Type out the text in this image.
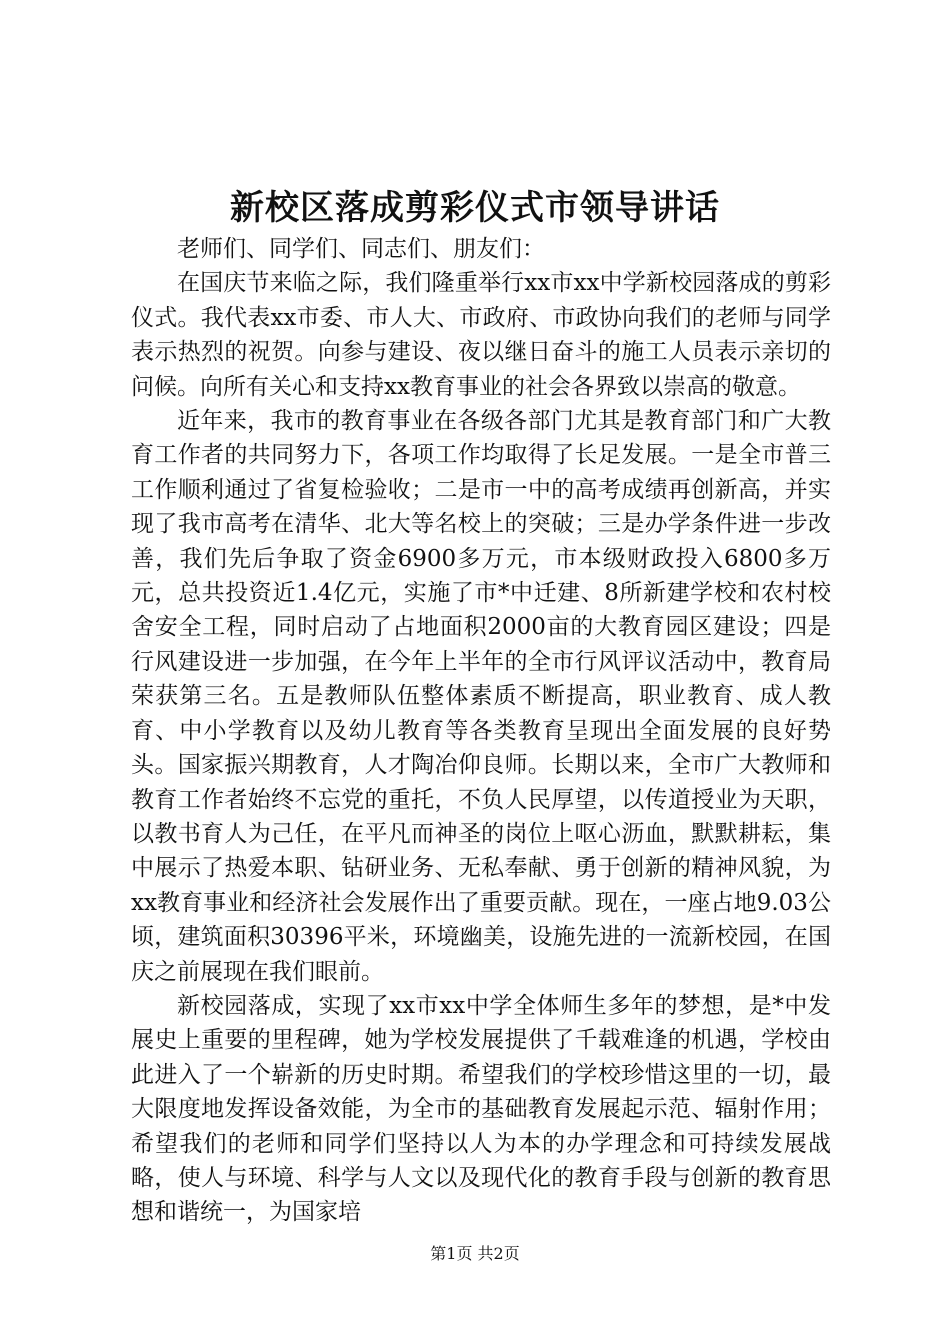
新校区落成剪彩仪式市领导讲话

老师们、同学们、同志们、朋友们：

在国庆节来临之际，我们隆重举行xx市xx中学新校园落成的剪彩仪式。我代表xx市委、市人大、市政府、市政协向我们的老师与同学表示热烈的祝贺。向参与建设、夜以继日奋斗的施工人员表示亲切的问候。向所有关心和支持xx教育事业的社会各界致以崇高的敬意。

近年来，我市的教育事业在各级各部门尤其是教育部门和广大教育工作者的共同努力下，各项工作均取得了长足发展。一是全市普三工作顺利通过了省复检验收；二是市一中的高考成绩再创新高，并实现了我市高考在清华、北大等名校上的突破；三是办学条件进一步改善，我们先后争取了资金6900多万元，市本级财政投入6800多万元，总共投资近1.4亿元，实施了市*中迁建、8所新建学校和农村校舍安全工程，同时启动了占地面积2000亩的大教育园区建设；四是行风建设进一步加强，在今年上半年的全市行风评议活动中，教育局荣获第三名。五是教师队伍整体素质不断提高，职业教育、成人教育、中小学教育以及幼儿教育等各类教育呈现出全面发展的良好势头。国家振兴期教育，人才陶冶仰良师。长期以来，全市广大教师和教育工作者始终不忘党的重托，不负人民厚望，以传道授业为天职，以教书育人为己任，在平凡而神圣的岗位上呕心沥血，默默耕耘，集中展示了热爱本职、钻研业务、无私奉献、勇于创新的精神风貌，为xx教育事业和经济社会发展作出了重要贡献。现在，一座占地9.03公顷，建筑面积30396平米，环境幽美，设施先进的一流新校园，在国庆之前展现在我们眼前。

新校园落成，实现了xx市xx中学全体师生多年的梦想，是*中发展史上重要的里程碑，她为学校发展提供了千载难逢的机遇，学校由此进入了一个崭新的历史时期。希望我们的学校珍惜这里的一切，最大限度地发挥设备效能，为全市的基础教育发展起示范、辐射作用；希望我们的老师和同学们坚持以人为本的办学理念和可持续发展战略，使人与环境、科学与人文以及现代化的教育手段与创新的教育思想和谐统一，为国家培

第1页 共2页
